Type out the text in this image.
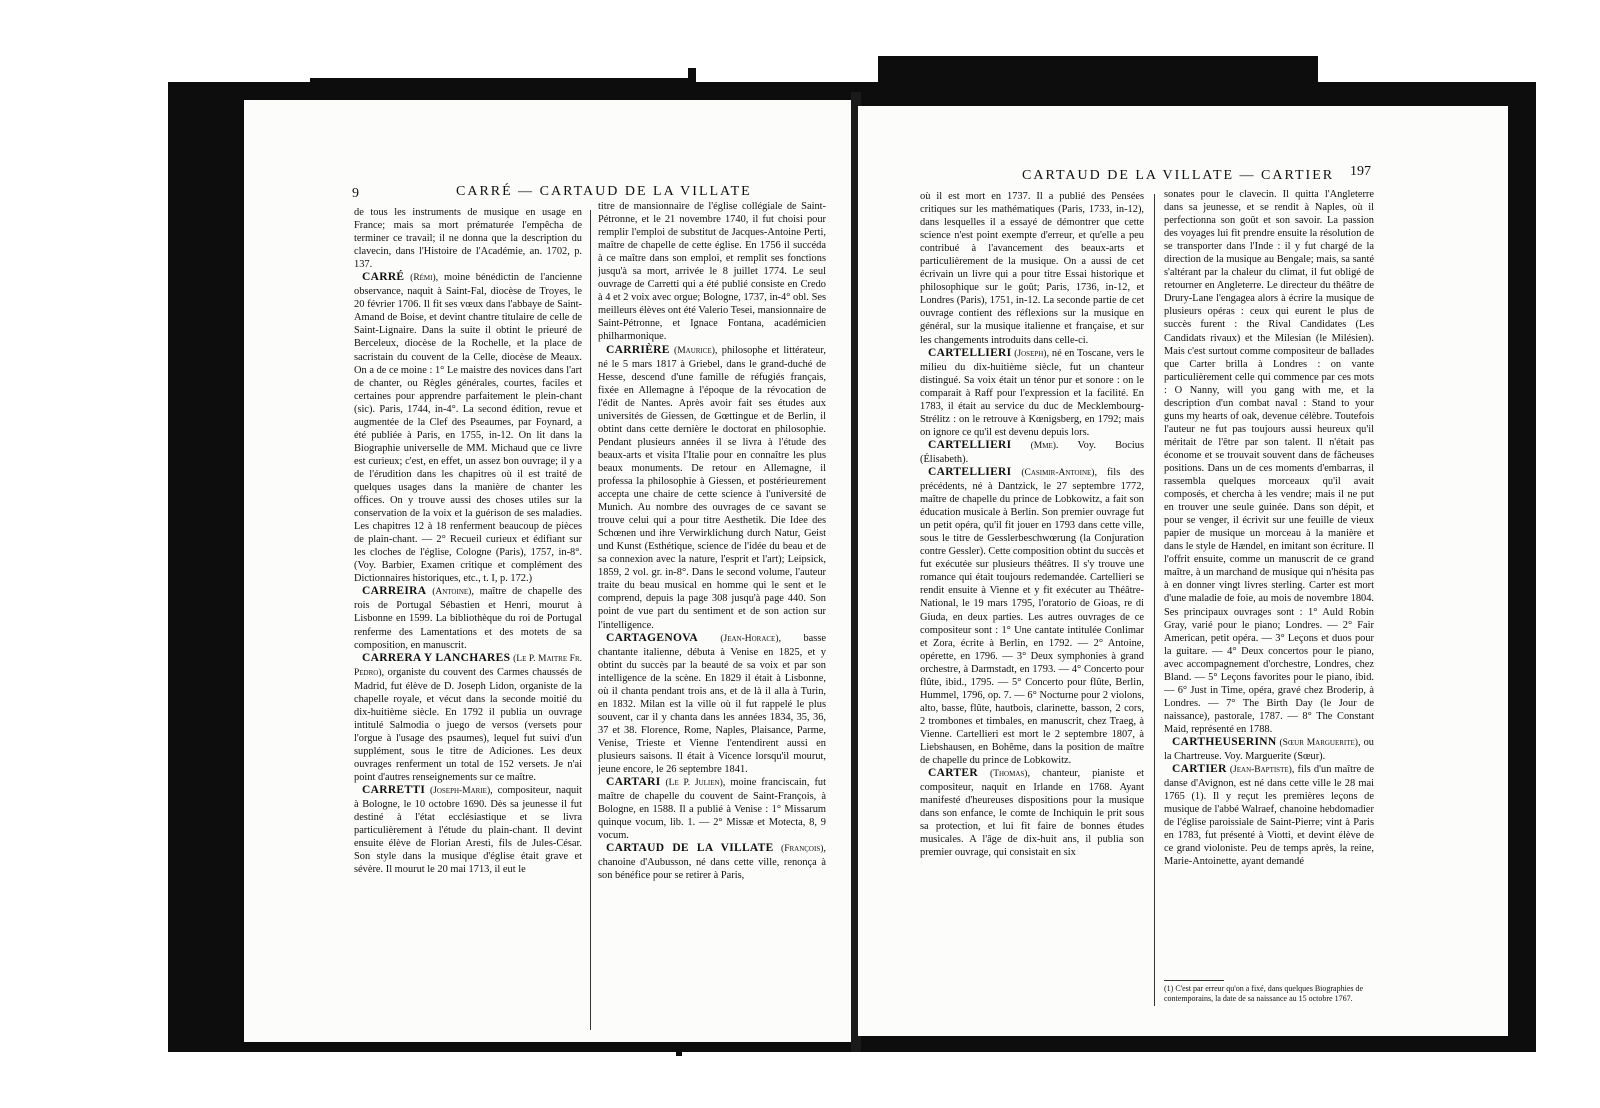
9	CARRÉ — CARTAUD DE LA VILLATE

de tous les instruments de musique en usage en France; mais sa mort prématurée l'empêcha de terminer ce travail; il ne donna que la description du clavecin, dans l'Histoire de l'Académie, an. 1702, p. 137.

CARRÉ (Rémi), moine bénédictin de l'ancienne observance, naquit à Saint-Fal, diocèse de Troyes, le 20 février 1706. Il fit ses vœux dans l'abbaye de Saint-Amand de Boise, et devint chantre titulaire de celle de Saint-Lignaire. Dans la suite il obtint le prieuré de Berceleux, diocèse de la Rochelle, et la place de sacristain du couvent de la Celle, diocèse de Meaux. On a de ce moine : 1° Le maistre des novices dans l'art de chanter, ou Règles générales, courtes, faciles et certaines pour apprendre parfaitement le plein-chant (sic). Paris, 1744, in-4°. La second édition, revue et augmentée de la Clef des Pseaumes, par Foynard, a été publiée à Paris, en 1755, in-12. On lit dans la Biographie universelle de MM. Michaud que ce livre est curieux; c'est, en effet, un assez bon ouvrage; il y a de l'érudition dans les chapitres où il est traité de quelques usages dans la manière de chanter les offices. On y trouve aussi des choses utiles sur la conservation de la voix et la guérison de ses maladies. Les chapitres 12 à 18 renferment beaucoup de pièces de plain-chant. — 2° Recueil curieux et édifiant sur les cloches de l'église, Cologne (Paris), 1757, in-8°. (Voy. Barbier, Examen critique et complément des Dictionnaires historiques, etc., t. I, p. 172.)

CARREIRA (Antoine), maître de chapelle des rois de Portugal Sébastien et Henri, mourut à Lisbonne en 1599. La bibliothèque du roi de Portugal renferme des Lamentations et des motets de sa composition, en manuscrit.

CARRERA Y LANCHARES (Le P. Maitre Fr. Pedro), organiste du couvent des Carmes chaussés de Madrid, fut élève de D. Joseph Lidon, organiste de la chapelle royale, et vécut dans la seconde moitié du dix-huitième siècle. En 1792 il publia un ouvrage intitulé Salmodia o juego de versos (versets pour l'orgue à l'usage des psaumes), lequel fut suivi d'un supplément, sous le titre de Adiciones. Les deux ouvrages renferment un total de 152 versets. Je n'ai point d'autres renseignements sur ce maître.

CARRETTI (Joseph-Marie), compositeur, naquit à Bologne, le 10 octobre 1690. Dès sa jeunesse il fut destiné à l'état ecclésiastique et se livra particulièrement à l'étude du plain-chant. Il devint ensuite élève de Florian Aresti, fils de Jules-César. Son style dans la musique d'église était grave et sévère. Il mourut le 20 mai 1713, il eut le

titre de mansionnaire de l'église collégiale de Saint-Pétronne, et le 21 novembre 1740, il fut choisi pour remplir l'emploi de substitut de Jacques-Antoine Perti, maître de chapelle de cette église. En 1756 il succéda à ce maître dans son emploi, et remplit ses fonctions jusqu'à sa mort, arrivée le 8 juillet 1774. Le seul ouvrage de Carretti qui a été publié consiste en Credo à 4 et 2 voix avec orgue; Bologne, 1737, in-4° obl. Ses meilleurs élèves ont été Valerio Tesei, mansionnaire de Saint-Pétronne, et Ignace Fontana, académicien philharmonique.

CARRIÈRE (Maurice), philosophe et littérateur, né le 5 mars 1817 à Griebel, dans le grand-duché de Hesse, descend d'une famille de réfugiés français, fixée en Allemagne à l'époque de la révocation de l'édit de Nantes. Après avoir fait ses études aux universités de Giessen, de Gœttingue et de Berlin, il obtint dans cette dernière le doctorat en philosophie. Pendant plusieurs années il se livra à l'étude des beaux-arts et visita l'Italie pour en connaître les plus beaux monuments. De retour en Allemagne, il professa la philosophie à Giessen, et postérieurement accepta une chaire de cette science à l'université de Munich. Au nombre des ouvrages de ce savant se trouve celui qui a pour titre Aesthetik. Die Idee des Schœnen und ihre Verwirklichung durch Natur, Geist und Kunst (Esthétique, science de l'idée du beau et de sa connexion avec la nature, l'esprit et l'art); Leipsick, 1859, 2 vol. gr. in-8°. Dans le second volume, l'auteur traite du beau musical en homme qui le sent et le comprend, depuis la page 308 jusqu'à page 440. Son point de vue part du sentiment et de son action sur l'intelligence.

CARTAGENOVA (Jean-Horace), basse chantante italienne, débuta à Venise en 1825, et y obtint du succès par la beauté de sa voix et par son intelligence de la scène. En 1829 il était à Lisbonne, où il chanta pendant trois ans, et de là il alla à Turin, en 1832. Milan est la ville où il fut rappelé le plus souvent, car il y chanta dans les années 1834, 35, 36, 37 et 38. Florence, Rome, Naples, Plaisance, Parme, Venise, Trieste et Vienne l'entendirent aussi en plusieurs saisons. Il était à Vicence lorsqu'il mourut, jeune encore, le 26 septembre 1841.

CARTARI (Le P. Julien), moine franciscain, fut maître de chapelle du couvent de Saint-François, à Bologne, en 1588. Il a publié à Venise : 1° Missarum quinque vocum, lib. 1. — 2° Missæ et Motecta, 8, 9 vocum.

CARTAUD DE LA VILLATE (François), chanoine d'Aubusson, né dans cette ville, renonça à son bénéfice pour se retirer à Paris,

CARTAUD DE LA VILLATE — CARTIER 197

où il est mort en 1737. Il a publié des Pensées critiques sur les mathématiques (Paris, 1733, in-12), dans lesquelles il a essayé de démontrer que cette science n'est point exempte d'erreur, et qu'elle a peu contribué à l'avancement des beaux-arts et particulièrement de la musique. On a aussi de cet écrivain un livre qui a pour titre Essai historique et philosophique sur le goût; Paris, 1736, in-12, et Londres (Paris), 1751, in-12. La seconde partie de cet ouvrage contient des réflexions sur la musique en général, sur la musique italienne et française, et sur les changements introduits dans celle-ci.

CARTELLIERI (Joseph), né en Toscane, vers le milieu du dix-huitième siècle, fut un chanteur distingué. Sa voix était un ténor pur et sonore : on le comparait à Raff pour l'expression et la facilité. En 1783, il était au service du duc de Mecklembourg-Strélitz : on le retrouve à Kœnigsberg, en 1792; mais on ignore ce qu'il est devenu depuis lors.

CARTELLIERI (Mme). Voy. Bocius (Élisabeth).

CARTELLIERI (Casimir-Antoine), fils des précédents, né à Dantzick, le 27 septembre 1772, maître de chapelle du prince de Lobkowitz, a fait son éducation musicale à Berlin. Son premier ouvrage fut un petit opéra, qu'il fit jouer en 1793 dans cette ville, sous le titre de Gesslerbeschwœrung (la Conjuration contre Gessler). Cette composition obtint du succès et fut exécutée sur plusieurs théâtres. Il s'y trouve une romance qui était toujours redemandée. Cartellieri se rendit ensuite à Vienne et y fit exécuter au Théâtre-National, le 19 mars 1795, l'oratorio de Gioas, re di Giuda, en deux parties. Les autres ouvrages de ce compositeur sont : 1° Une cantate intitulée Conlimar et Zora, écrite à Berlin, en 1792. — 2° Antoine, opérette, en 1796. — 3° Deux symphonies à grand orchestre, à Darmstadt, en 1793. — 4° Concerto pour flûte, ibid., 1795. — 5° Concerto pour flûte, Berlin, Hummel, 1796, op. 7. — 6° Nocturne pour 2 violons, alto, basse, flûte, hautbois, clarinette, basson, 2 cors, 2 trombones et timbales, en manuscrit, chez Traeg, à Vienne. Cartellieri est mort le 2 septembre 1807, à Liebshausen, en Bohême, dans la position de maître de chapelle du prince de Lobkowitz.

CARTER (Thomas), chanteur, pianiste et compositeur, naquit en Irlande en 1768. Ayant manifesté d'heureuses dispositions pour la musique dans son enfance, le comte de Inchiquin le prit sous sa protection, et lui fit faire de bonnes études musicales. A l'âge de dix-huit ans, il publia son premier ouvrage, qui consistait en six

sonates pour le clavecin. Il quitta l'Angleterre dans sa jeunesse, et se rendit à Naples, où il perfectionna son goût et son savoir. La passion des voyages lui fit prendre ensuite la résolution de se transporter dans l'Inde : il y fut chargé de la direction de la musique au Bengale; mais, sa santé s'altérant par la chaleur du climat, il fut obligé de retourner en Angleterre. Le directeur du théâtre de Drury-Lane l'engagea alors à écrire la musique de plusieurs opéras : ceux qui eurent le plus de succès furent : the Rival Candidates (Les Candidats rivaux) et the Milesian (le Milésien). Mais c'est surtout comme compositeur de ballades que Carter brilla à Londres : on vante particulièrement celle qui commence par ces mots : O Nanny, will you gang with me, et la description d'un combat naval : Stand to your guns my hearts of oak, devenue célèbre. Toutefois l'auteur ne fut pas toujours aussi heureux qu'il méritait de l'être par son talent. Il n'était pas économe et se trouvait souvent dans de fâcheuses positions. Dans un de ces moments d'embarras, il rassembla quelques morceaux qu'il avait composés, et chercha à les vendre; mais il ne put en trouver une seule guinée. Dans son dépit, et pour se venger, il écrivit sur une feuille de vieux papier de musique un morceau à la manière et dans le style de Hændel, en imitant son écriture. Il l'offrit ensuite, comme un manuscrit de ce grand maître, à un marchand de musique qui n'hésita pas à en donner vingt livres sterling. Carter est mort d'une maladie de foie, au mois de novembre 1804. Ses principaux ouvrages sont : 1° Auld Robin Gray, varié pour le piano; Londres. — 2° Fair American, petit opéra. — 3° Leçons et duos pour la guitare. — 4° Deux concertos pour le piano, avec accompagnement d'orchestre, Londres, chez Bland. — 5° Leçons favorites pour le piano, ibid. — 6° Just in Time, opéra, gravé chez Broderip, à Londres. — 7° The Birth Day (le Jour de naissance), pastorale, 1787. — 8° The Constant Maid, représenté en 1788.

CARTHEUSERINN (Sœur Marguerite), ou la Chartreuse. Voy. Marguerite (Sœur).

CARTIER (Jean-Baptiste), fils d'un maître de danse d'Avignon, est né dans cette ville le 28 mai 1765 (1). Il y reçut les premières leçons de musique de l'abbé Walraef, chanoine hebdomadier de l'église paroissiale de Saint-Pierre; vint à Paris en 1783, fut présenté à Viotti, et devint élève de ce grand violoniste. Peu de temps après, la reine, Marie-Antoinette, ayant demandé

(1) C'est par erreur qu'on a fixé, dans quelques Biographies de contemporains, la date de sa naissance au 15 octobre 1767.
